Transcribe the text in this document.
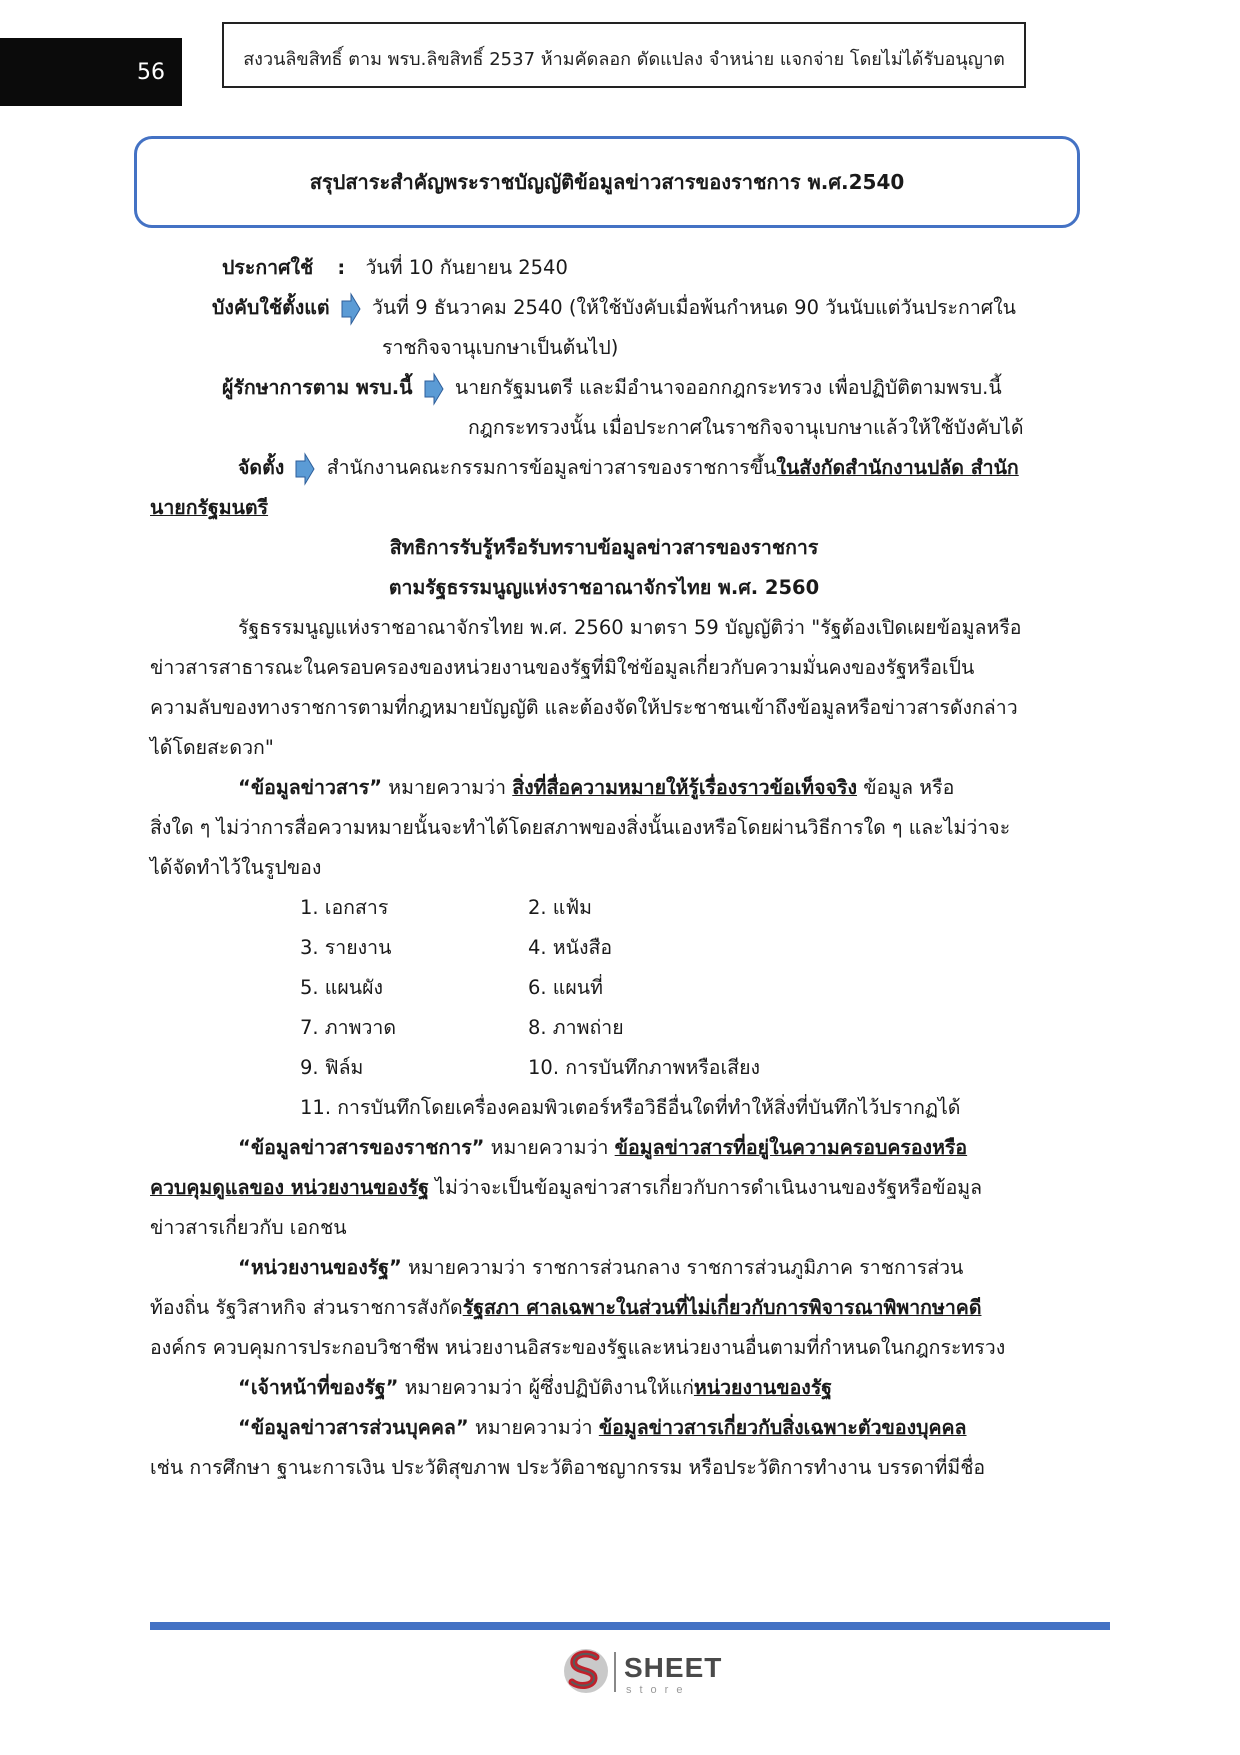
56
สงวนลิขสิทธิ์ ตาม พรบ.ลิขสิทธิ์ 2537 ห้ามคัดลอก ดัดแปลง จำหน่าย แจกจ่าย โดยไม่ได้รับอนุญาต
สรุปสาระสำคัญพระราชบัญญัติข้อมูลข่าวสารของราชการ พ.ศ.2540
ประกาศใช้ : วันที่ 10 กันยายน 2540
บังคับใช้ตั้งแต่ วันที่ 9 ธันวาคม 2540 (ให้ใช้บังคับเมื่อพ้นกำหนด 90 วันนับแต่วันประกาศใน
ราชกิจจานุเบกษาเป็นต้นไป)
ผู้รักษาการตาม พรบ.นี้ นายกรัฐมนตรี และมีอำนาจออกกฎกระทรวง เพื่อปฏิบัติตามพรบ.นี้
กฎกระทรวงนั้น เมื่อประกาศในราชกิจจานุเบกษาแล้วให้ใช้บังคับได้
จัดตั้ง สำนักงานคณะกรรมการข้อมูลข่าวสารของราชการขึ้นในสังกัดสำนักงานปลัด สำนัก
นายกรัฐมนตรี
สิทธิการรับรู้หรือรับทราบข้อมูลข่าวสารของราชการ
ตามรัฐธรรมนูญแห่งราชอาณาจักรไทย พ.ศ. 2560
รัฐธรรมนูญแห่งราชอาณาจักรไทย พ.ศ. 2560 มาตรา 59 บัญญัติว่า "รัฐต้องเปิดเผยข้อมูลหรือ
ข่าวสารสาธารณะในครอบครองของหน่วยงานของรัฐที่มิใช่ข้อมูลเกี่ยวกับความมั่นคงของรัฐหรือเป็น
ความลับของทางราชการตามที่กฎหมายบัญญัติ และต้องจัดให้ประชาชนเข้าถึงข้อมูลหรือข่าวสารดังกล่าว
ได้โดยสะดวก"
“ข้อมูลข่าวสาร” หมายความว่า สิ่งที่สื่อความหมายให้รู้เรื่องราวข้อเท็จจริง ข้อมูล หรือ
สิ่งใด ๆ ไม่ว่าการสื่อความหมายนั้นจะทำได้โดยสภาพของสิ่งนั้นเองหรือโดยผ่านวิธีการใด ๆ และไม่ว่าจะ
ได้จัดทำไว้ในรูปของ
1. เอกสาร	2. แฟ้ม
3. รายงาน	4. หนังสือ
5. แผนผัง	6. แผนที่
7. ภาพวาด	8. ภาพถ่าย
9. ฟิล์ม	10. การบันทึกภาพหรือเสียง
11. การบันทึกโดยเครื่องคอมพิวเตอร์หรือวิธีอื่นใดที่ทำให้สิ่งที่บันทึกไว้ปรากฏได้
“ข้อมูลข่าวสารของราชการ” หมายความว่า ข้อมูลข่าวสารที่อยู่ในความครอบครองหรือ
ควบคุมดูแลของ หน่วยงานของรัฐ ไม่ว่าจะเป็นข้อมูลข่าวสารเกี่ยวกับการดำเนินงานของรัฐหรือข้อมูล
ข่าวสารเกี่ยวกับ เอกชน
“หน่วยงานของรัฐ” หมายความว่า ราชการส่วนกลาง ราชการส่วนภูมิภาค ราชการส่วน
ท้องถิ่น รัฐวิสาหกิจ ส่วนราชการสังกัดรัฐสภา ศาลเฉพาะในส่วนที่ไม่เกี่ยวกับการพิจารณาพิพากษาคดี
องค์กร ควบคุมการประกอบวิชาชีพ หน่วยงานอิสระของรัฐและหน่วยงานอื่นตามที่กำหนดในกฎกระทรวง
“เจ้าหน้าที่ของรัฐ” หมายความว่า ผู้ซึ่งปฏิบัติงานให้แก่หน่วยงานของรัฐ
“ข้อมูลข่าวสารส่วนบุคคล” หมายความว่า ข้อมูลข่าวสารเกี่ยวกับสิ่งเฉพาะตัวของบุคคล
เช่น การศึกษา ฐานะการเงิน ประวัติสุขภาพ ประวัติอาชญากรรม หรือประวัติการทำงาน บรรดาที่มีชื่อ
SHEET
store
